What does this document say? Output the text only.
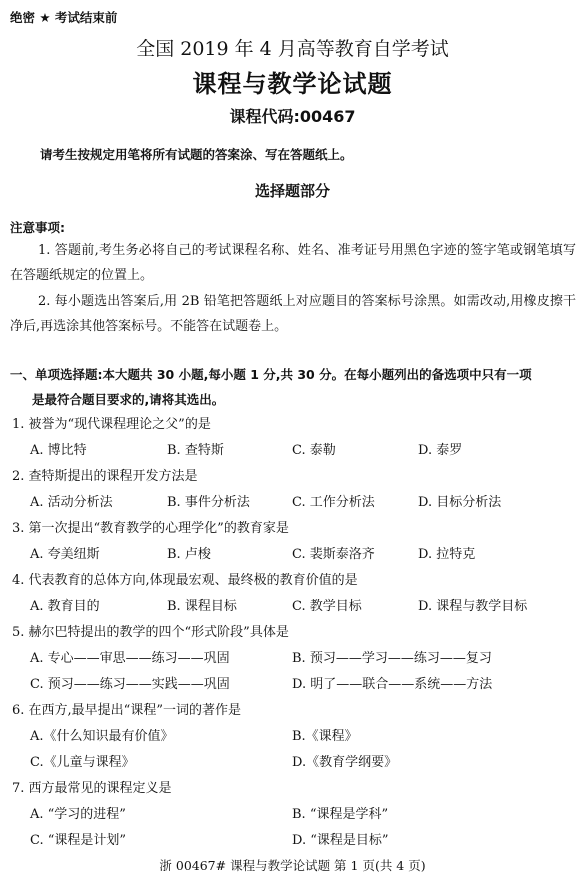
绝密 ★ 考试结束前
全国 2019 年 4 月高等教育自学考试
课程与教学论试题
课程代码:00467
请考生按规定用笔将所有试题的答案涂、写在答题纸上。
选择题部分
注意事项:
1. 答题前,考生务必将自己的考试课程名称、姓名、准考证号用黑色字迹的签字笔或钢笔填写在答题纸规定的位置上。
2. 每小题选出答案后,用 2B 铅笔把答题纸上对应题目的答案标号涂黑。如需改动,用橡皮擦干净后,再选涂其他答案标号。不能答在试题卷上。
一、单项选择题:本大题共 30 小题,每小题 1 分,共 30 分。在每小题列出的备选项中只有一项
是最符合题目要求的,请将其选出。
1. 被誉为“现代课程理论之父”的是
A. 博比特	B. 查特斯	C. 泰勒	D. 泰罗
2. 查特斯提出的课程开发方法是
A. 活动分析法	B. 事件分析法	C. 工作分析法	D. 目标分析法
3. 第一次提出“教育教学的心理学化”的教育家是
A. 夸美纽斯	B. 卢梭	C. 裴斯泰洛齐	D. 拉特克
4. 代表教育的总体方向,体现最宏观、最终极的教育价值的是
A. 教育目的	B. 课程目标	C. 教学目标	D. 课程与教学目标
5. 赫尔巴特提出的教学的四个“形式阶段”具体是
A. 专心——审思——练习——巩固	B. 预习——学习——练习——复习
C. 预习——练习——实践——巩固	D. 明了——联合——系统——方法
6. 在西方,最早提出“课程”一词的著作是
A.《什么知识最有价值》	B.《课程》
C.《儿童与课程》	D.《教育学纲要》
7. 西方最常见的课程定义是
A. “学习的进程”	B. “课程是学科”
C. “课程是计划”	D. “课程是目标”
浙 00467# 课程与教学论试题 第 1 页(共 4 页)
